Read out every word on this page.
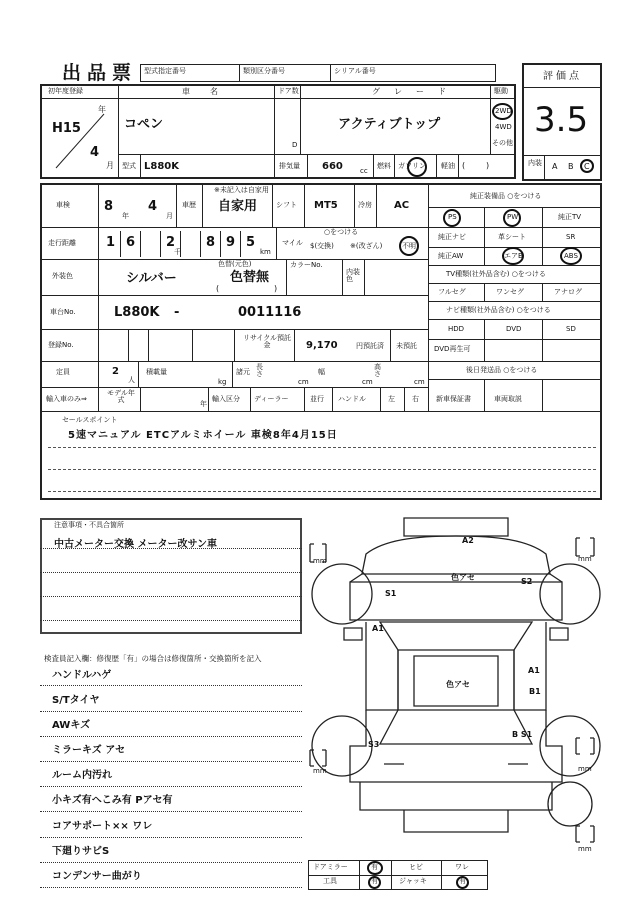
出品票 型式指定番号	類別区分番号	シリアル番号	評価点
3.5
内装 A B C
初年度登録
H15
年
4
月
車名
コペン
ドア数
D
グレード
アクティブトップ
駆動
2WD
4WD
その他
型式 L880K	排気量 660 cc
燃料 ガソリン 軽油 (	)
車検	8
年
4
月
車歴
※未記入は自家用
自家用	シフト MT5	冷房 AC
走行距離 1 6 2
千
8 9 5
km
マイル
○をつける
$(交換) ※(改ざん)	不明
外装色	シルバー
色替(元色)
色替無
(	)
カラーNo.
内装色
車台No.	L880K -	0011116
登録No.
リサイクル預託金	9,170	円預託済 未預託
定員	2
人
積載量
kg
諸元
長さ
cm
幅
cm
高さ
cm
輸入車のみ⇒
モデル年式	年
輸入区分 ディーラー	並行 ハンドル	左 右
純正装備品 ○をつける
PS	PW	純正TV
純正ナビ	革シート	SR
純正AW	エアB	ABS
TV種類(社外品含む) ○をつける
フルセグ	ワンセグ	アナログ
ナビ種類(社外品含む) ○をつける
HDD	DVD	SD
DVD再生可
後日発送品 ○をつける
新車保証書	車両取説
セールスポイント
5速マニュアル ETCアルミホイール 車検8年4月15日
注意事項・不具合箇所
中古メーター交換 メーター改サン車
検査員記入欄：修復歴「有」の場合は修復箇所・交換箇所を記入
ハンドルハゲ
S/Tタイヤ
AWキズ
ミラーキズ アセ
ルーム内汚れ
小キズ有へこみ有 Pアセ有
コアサポート×× ワレ
下廻りサビS
コンデンサー曲がり
A2
色アセ
S1
S2
A1
色アセ
A1
B1
B S1
S3
mm	mm
mm	mm
mm
ドアミラー	有	ヒビ	ワレ
工具	有	ジャッキ	有
